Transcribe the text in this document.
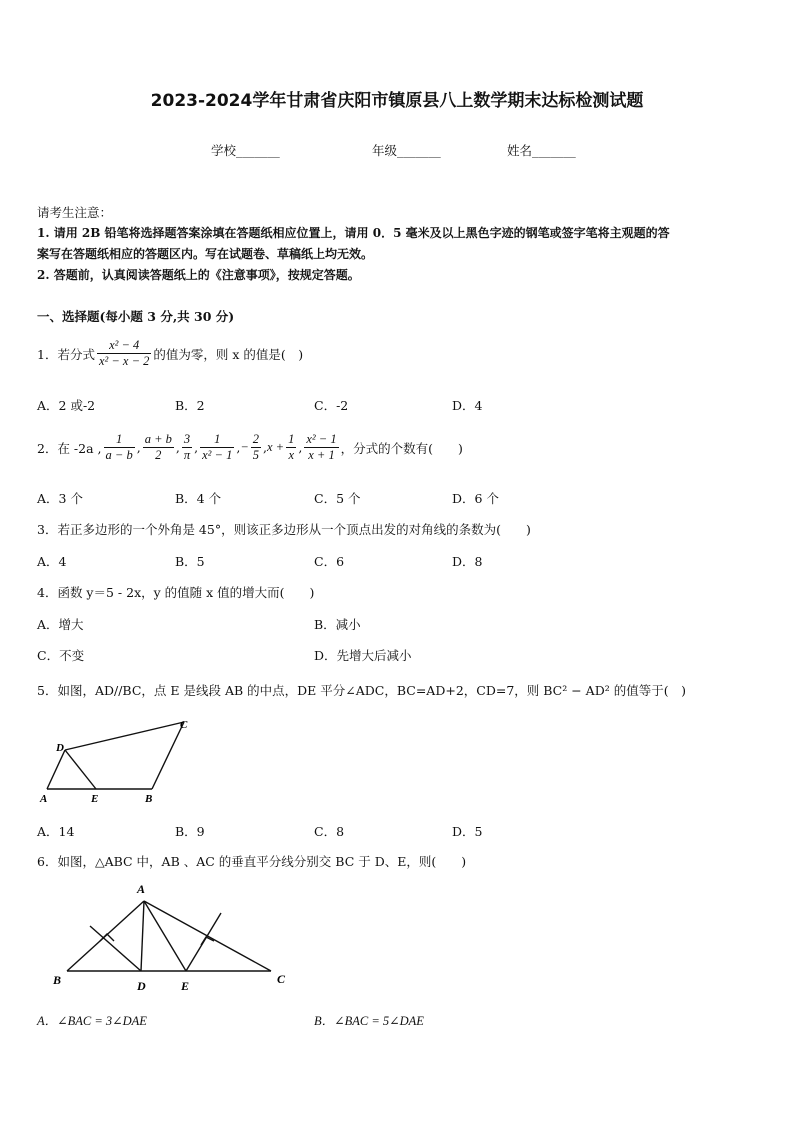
2023-2024学年甘肃省庆阳市镇原县八上数学期末达标检测试题
学校_______	年级_______	姓名_______
请考生注意：
1. 请用 2B 铅笔将选择题答案涂填在答题纸相应位置上，请用 0．5 毫米及以上黑色字迹的钢笔或签字笔将主观题的答
案写在答题纸相应的答题区内。写在试题卷、草稿纸上均无效。
2. 答题前，认真阅读答题纸上的《注意事项》，按规定答题。
一、选择题(每小题 3 分,共 30 分)
1．若分式 $\frac{\text{x² − 4}}{\text{x² − x − 2}}$ 的值为零，则 x 的值是(　)
A．2 或-2	B．2	C．-2	D．4
2．在 -2a , $\frac{1}{a - b}$ , $\frac{a + b}{2}$ , $\frac{3}{\pi}$ , $\frac{1}{\text{x² − 1}}$ , − $\frac{2}{5}$ , $x + \frac{1}{x}$ , $\frac{\text{x² − 1}}{x + 1}$ ，分式的个数有(　　)
A．3 个	B．4 个	C．5 个	D．6 个
3．若正多边形的一个外角是 45°，则该正多边形从一个顶点出发的对角线的条数为(　　)
A．4	B．5	C．6	D．8
4．函数 y＝5 - 2x，y 的值随 x 值的增大而(　　)
A．增大	B．减小
C．不变	D．先增大后减小
5．如图，AD//BC，点 E 是线段 AB 的中点，DE 平分∠ADC，BC=AD+2，CD=7，则 BC² − AD² 的值等于(　)
D
C
A	E	B
A．14	B．9	C．8	D．5
6．如图，△ABC 中，AB 、AC 的垂直平分线分别交 BC 于 D、E，则(　　)
A
B	D	E	C
A．∠BAC = 3∠DAE	B．∠BAC = 5∠DAE
